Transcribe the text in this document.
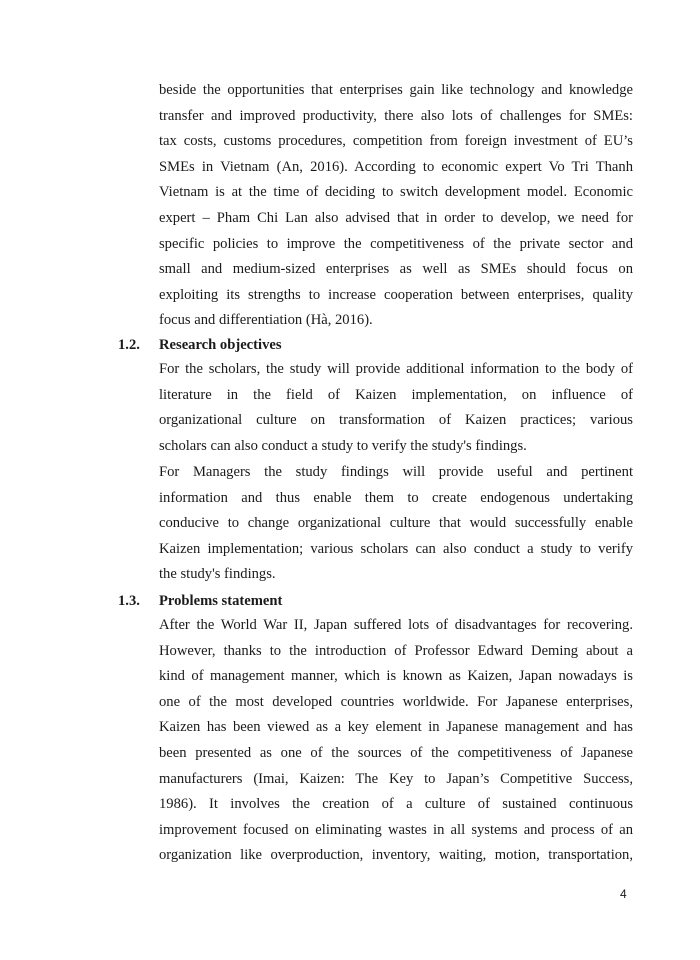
beside the opportunities that enterprises gain like technology and knowledge
transfer and improved productivity, there also lots of challenges for SMEs:
tax costs, customs procedures, competition from foreign investment of EU’s
SMEs in Vietnam (An, 2016). According to economic expert Vo Tri Thanh
Vietnam is at the time of deciding to switch development model. Economic
expert – Pham Chi Lan also advised that in order to develop, we need for
specific policies to improve the competitiveness of the private sector and
small and medium-sized enterprises as well as SMEs should focus on
exploiting its strengths to increase cooperation between enterprises, quality
focus and differentiation (Hà, 2016).
1.2. Research objectives
For the scholars, the study will provide additional information to the body of
literature in the field of Kaizen implementation, on influence of
organizational culture on transformation of Kaizen practices; various
scholars can also conduct a study to verify the study's findings.
For Managers the study findings will provide useful and pertinent
information and thus enable them to create endogenous undertaking
conducive to change organizational culture that would successfully enable
Kaizen implementation; various scholars can also conduct a study to verify
the study's findings.
1.3. Problems statement
After the World War II, Japan suffered lots of disadvantages for recovering.
However, thanks to the introduction of Professor Edward Deming about a
kind of management manner, which is known as Kaizen, Japan nowadays is
one of the most developed countries worldwide. For Japanese enterprises,
Kaizen has been viewed as a key element in Japanese management and has
been presented as one of the sources of the competitiveness of Japanese
manufacturers (Imai, Kaizen: The Key to Japan’s Competitive Success,
1986). It involves the creation of a culture of sustained continuous
improvement focused on eliminating wastes in all systems and process of an
organization like overproduction, inventory, waiting, motion, transportation,
4
